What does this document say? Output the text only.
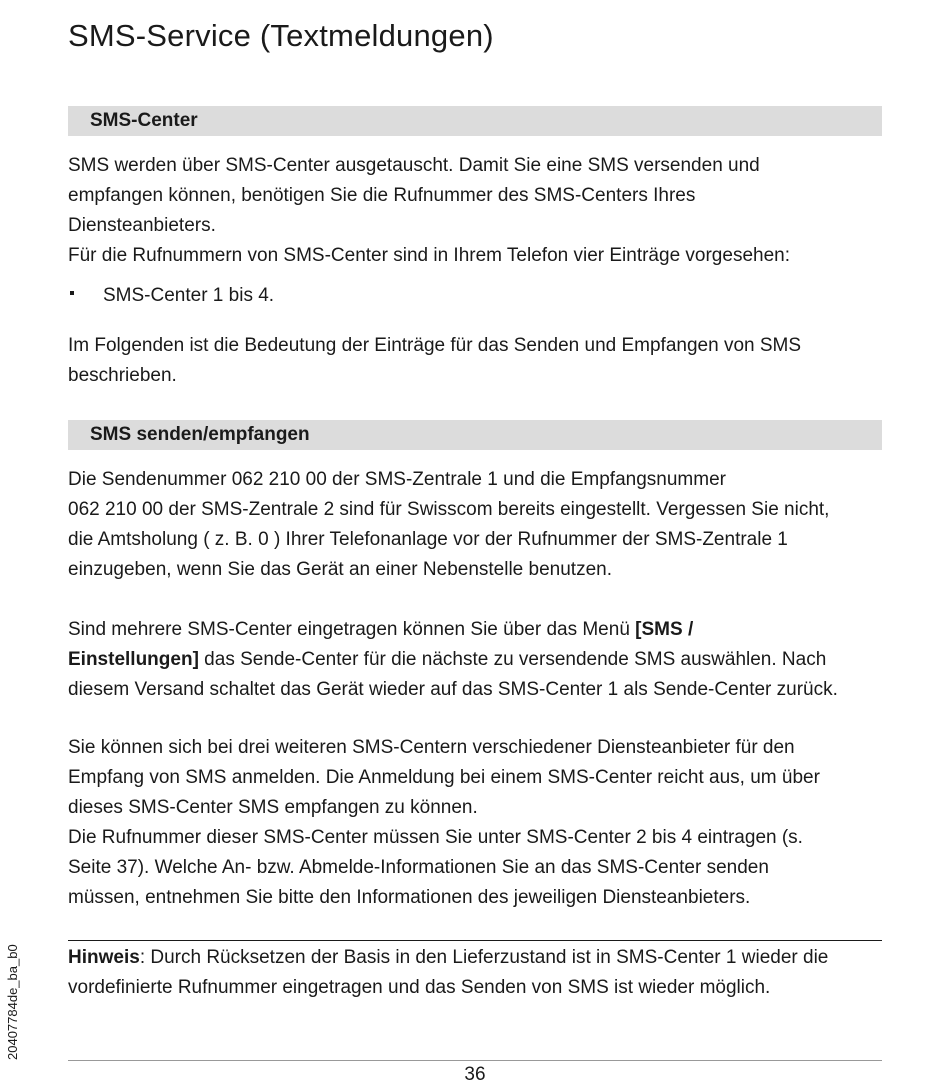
SMS-Service (Textmeldungen)
SMS-Center
SMS werden über SMS-Center ausgetauscht. Damit Sie eine SMS versenden und
empfangen können, benötigen Sie die Rufnummer des SMS-Centers Ihres
Diensteanbieters.
Für die Rufnummern von SMS-Center sind in Ihrem Telefon vier Einträge vorgesehen:
SMS-Center 1 bis 4.
Im Folgenden ist die Bedeutung der Einträge für das Senden und Empfangen von SMS
beschrieben.
SMS senden/empfangen
Die Sendenummer 062 210 00 der SMS-Zentrale 1 und die Empfangsnummer
062 210 00 der SMS-Zentrale 2 sind für Swisscom bereits eingestellt. Vergessen Sie nicht,
die Amtsholung ( z. B. 0 ) Ihrer Telefonanlage vor der Rufnummer der SMS-Zentrale 1
einzugeben, wenn Sie das Gerät an einer Nebenstelle benutzen.
Sind mehrere SMS-Center eingetragen können Sie über das Menü [SMS /
Einstellungen] das Sende-Center für die nächste zu versendende SMS auswählen. Nach
diesem Versand schaltet das Gerät wieder auf das SMS-Center 1 als Sende-Center zurück.
Sie können sich bei drei weiteren SMS-Centern verschiedener Diensteanbieter für den
Empfang von SMS anmelden. Die Anmeldung bei einem SMS-Center reicht aus, um über
dieses SMS-Center SMS empfangen zu können.
Die Rufnummer dieser SMS-Center müssen Sie unter SMS-Center 2 bis 4 eintragen (s.
Seite 37). Welche An- bzw. Abmelde-Informationen Sie an das SMS-Center senden
müssen, entnehmen Sie bitte den Informationen des jeweiligen Diensteanbieters.
Hinweis: Durch Rücksetzen der Basis in den Lieferzustand ist in SMS-Center 1 wieder die
vordefinierte Rufnummer eingetragen und das Senden von SMS ist wieder möglich.
20407784de_ba_b0
36
